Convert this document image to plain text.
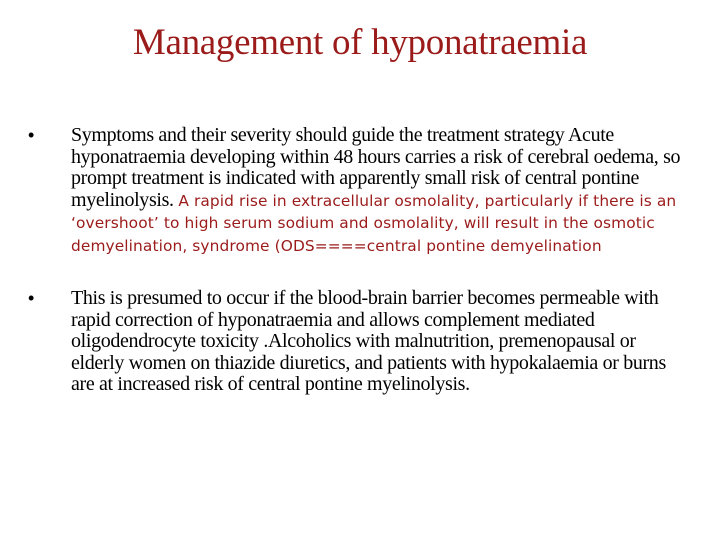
Management of hyponatraemia
•	Symptoms and their severity should guide the treatment strategy Acute hyponatraemia developing within 48 hours carries a risk of cerebral oedema, so prompt treatment is indicated with apparently small risk of central pontine myelinolysis. A rapid rise in extracellular osmolality, particularly if there is an ‘overshoot’ to high serum sodium and osmolality, will result in the osmotic demyelination, syndrome (ODS====central pontine demyelination
•	This is presumed to occur if the blood-brain barrier becomes permeable with rapid correction of hyponatraemia and allows complement mediated oligodendrocyte toxicity .Alcoholics with malnutrition, premenopausal or elderly women on thiazide diuretics, and patients with hypokalaemia or burns are at increased risk of central pontine myelinolysis.
